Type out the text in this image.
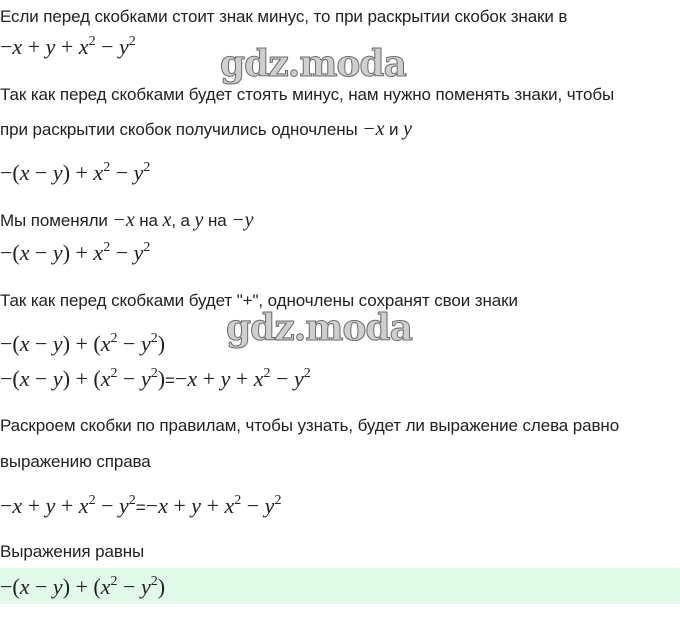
Если перед скобками стоит знак минус, то при раскрытии скобок знаки в
$-x + y + x^2 - y^2$
gdz.moda
Так как перед скобками будет стоять минус, нам нужно поменять знаки, чтобы
при раскрытии скобок получились одночлены −x и y
$-(x - y) + x^2 - y^2$
Мы поменяли −x на x, а y на −y
$-(x - y) + x^2 - y^2$
Так как перед скобками будет "+", одночлены сохранят свои знаки
$-(x - y) + (x^2 - y^2)$ gdz.moda
$-(x - y) + (x^2 - y^2)=-x + y + x^2 - y^2$
Раскроем скобки по правилам, чтобы узнать, будет ли выражение слева равно
выражению справа
$-x + y + x^2 - y^2=-x + y + x^2 - y^2$
Выражения равны
$-(x - y) + (x^2 - y^2)$
